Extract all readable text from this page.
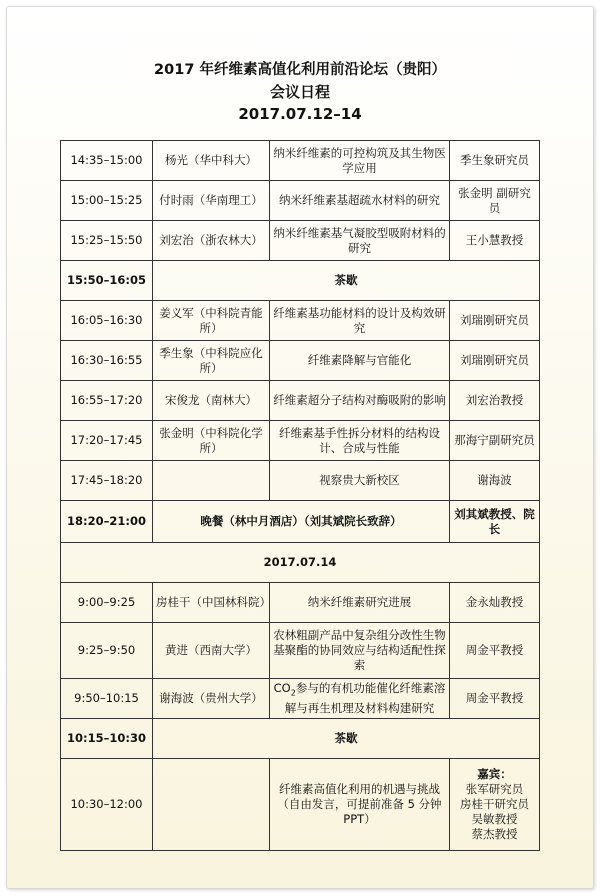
2017 年纤维素高值化利用前沿论坛（贵阳）
会议日程
2017.07.12–14
14:35–15:00	杨光（华中科大）	纳米纤维素的可控构筑及其生物医学应用	季生象研究员
15:00–15:25	付时雨（华南理工）	纳米纤维素基超疏水材料的研究	张金明 副研究员
15:25–15:50	刘宏治（浙农林大）	纳米纤维素基气凝胶型吸附材料的研究	王小慧教授
15:50–16:05	茶歇		
16:05–16:30	姜义军（中科院青能所）	纤维素基功能材料的设计及构效研究	刘瑞刚研究员
16:30–16:55	季生象（中科院应化所）	纤维素降解与官能化	刘瑞刚研究员
16:55–17:20	宋俊龙（南林大）	纤维素超分子结构对酶吸附的影响	刘宏治教授
17:20–17:45	张金明（中科院化学所）	纤维素基手性拆分材料的结构设计、合成与性能	那海宁副研究员
17:45–18:20		视察贵大新校区	谢海波
18:20–21:00	晚餐（林中月酒店）（刘其斌院长致辞）		刘其斌教授、院长
2017.07.14			
9:00–9:25	房桂干（中国林科院）	纳米纤维素研究进展	金永灿教授
9:25–9:50	黄进（西南大学）	农林粗副产品中复杂组分改性生物基聚酯的协同效应与结构适配性探索	周金平教授
9:50–10:15	谢海波（贵州大学）	$CO_2$参与的有机功能催化纤维素溶解与再生机理及材料构建研究	周金平教授
10:15–10:30	茶歇		
10:30–12:00		纤维素高值化利用的机遇与挑战（自由发言，可提前准备 5 分钟 PPT）	嘉宾：
张军研究员
房桂干研究员
吴敏教授
蔡杰教授
